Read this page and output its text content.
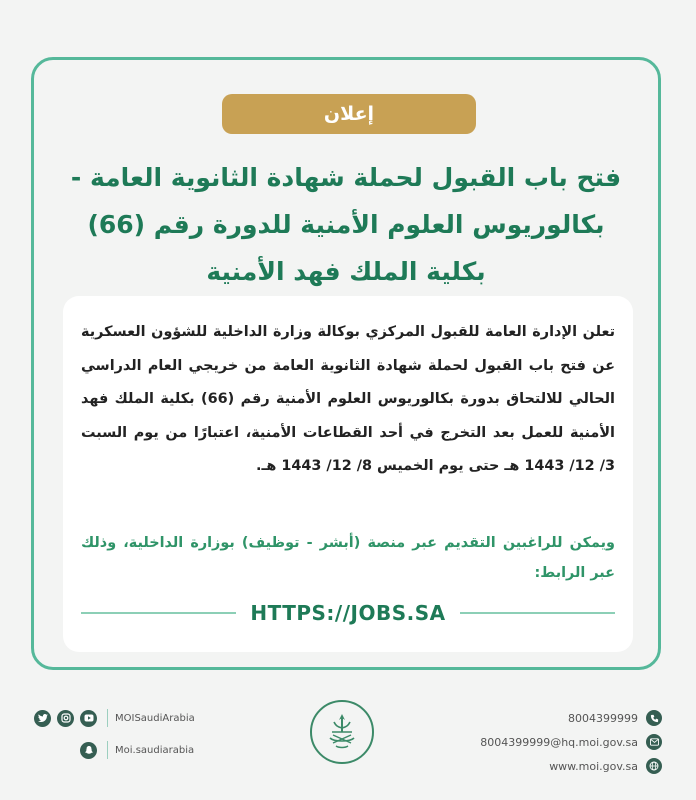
إعلان
فتح باب القبول لحملة شهادة الثانوية العامة -
بكالوريوس العلوم الأمنية للدورة رقم (66)
بكلية الملك فهد الأمنية

تعلن الإدارة العامة للقبول المركزي بوكالة وزارة الداخلية للشؤون العسكرية عن فتح باب القبول لحملة شهادة الثانوية العامة من خريجي العام الدراسي الحالي للالتحاق بدورة بكالوريوس العلوم الأمنية رقم (66) بكلية الملك فهد الأمنية للعمل بعد التخرج في أحد القطاعات الأمنية، اعتبارًا من يوم السبت 3/ 12/ 1443 هـ حتى يوم الخميس 8/ 12/ 1443 هـ.

ويمكن للراغبين التقديم عبر منصة (أبشر - توظيف) بوزارة الداخلية، وذلك عبر الرابط:

HTTPS://JOBS.SA
MOISaudiArabia
Moi.saudiarabia
8004399999
8004399999@hq.moi.gov.sa
www.moi.gov.sa
